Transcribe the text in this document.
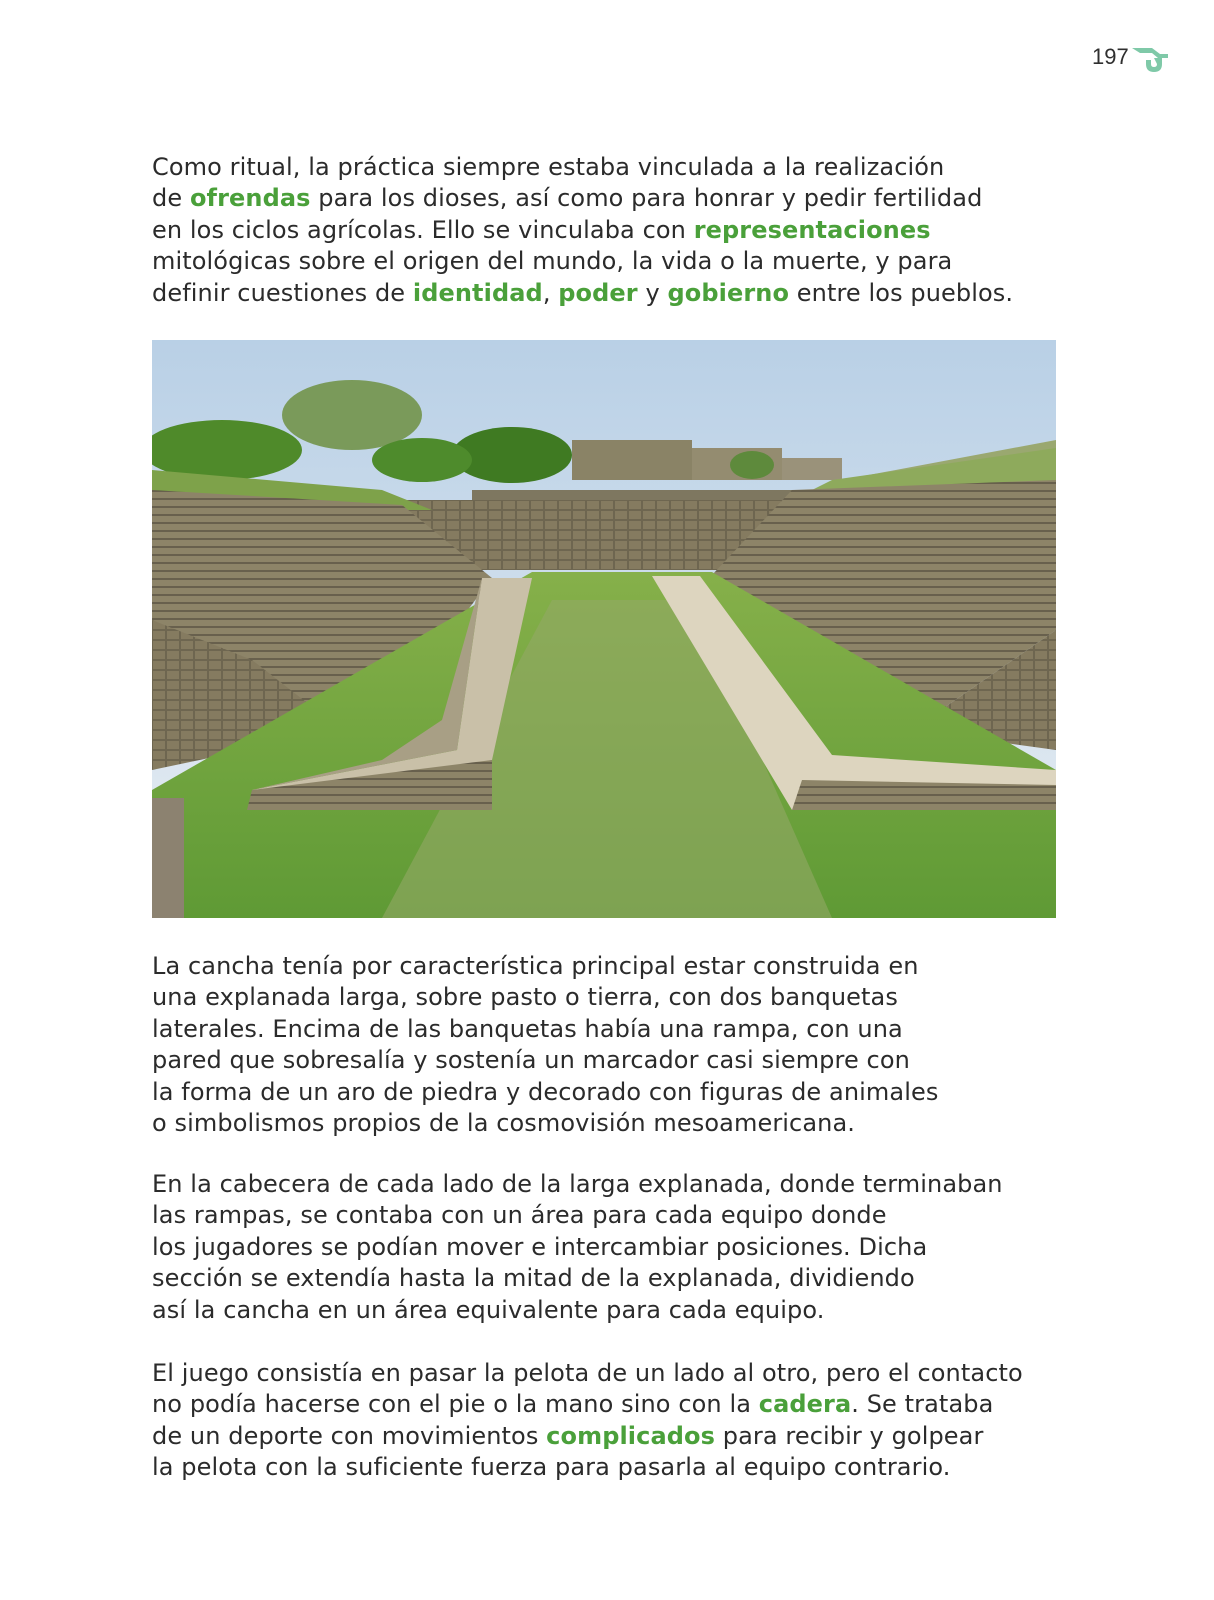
197

Como ritual, la práctica siempre estaba vinculada a la realización
de ofrendas para los dioses, así como para honrar y pedir fertilidad
en los ciclos agrícolas. Ello se vinculaba con representaciones
mitológicas sobre el origen del mundo, la vida o la muerte, y para
definir cuestiones de identidad, poder y gobierno entre los pueblos.

La cancha tenía por característica principal estar construida en
una explanada larga, sobre pasto o tierra, con dos banquetas
laterales. Encima de las banquetas había una rampa, con una
pared que sobresalía y sostenía un marcador casi siempre con
la forma de un aro de piedra y decorado con figuras de animales
o simbolismos propios de la cosmovisión mesoamericana.

En la cabecera de cada lado de la larga explanada, donde terminaban
las rampas, se contaba con un área para cada equipo donde
los jugadores se podían mover e intercambiar posiciones. Dicha
sección se extendía hasta la mitad de la explanada, dividiendo
así la cancha en un área equivalente para cada equipo.

El juego consistía en pasar la pelota de un lado al otro, pero el contacto
no podía hacerse con el pie o la mano sino con la cadera. Se trataba
de un deporte con movimientos complicados para recibir y golpear
la pelota con la suficiente fuerza para pasarla al equipo contrario.
